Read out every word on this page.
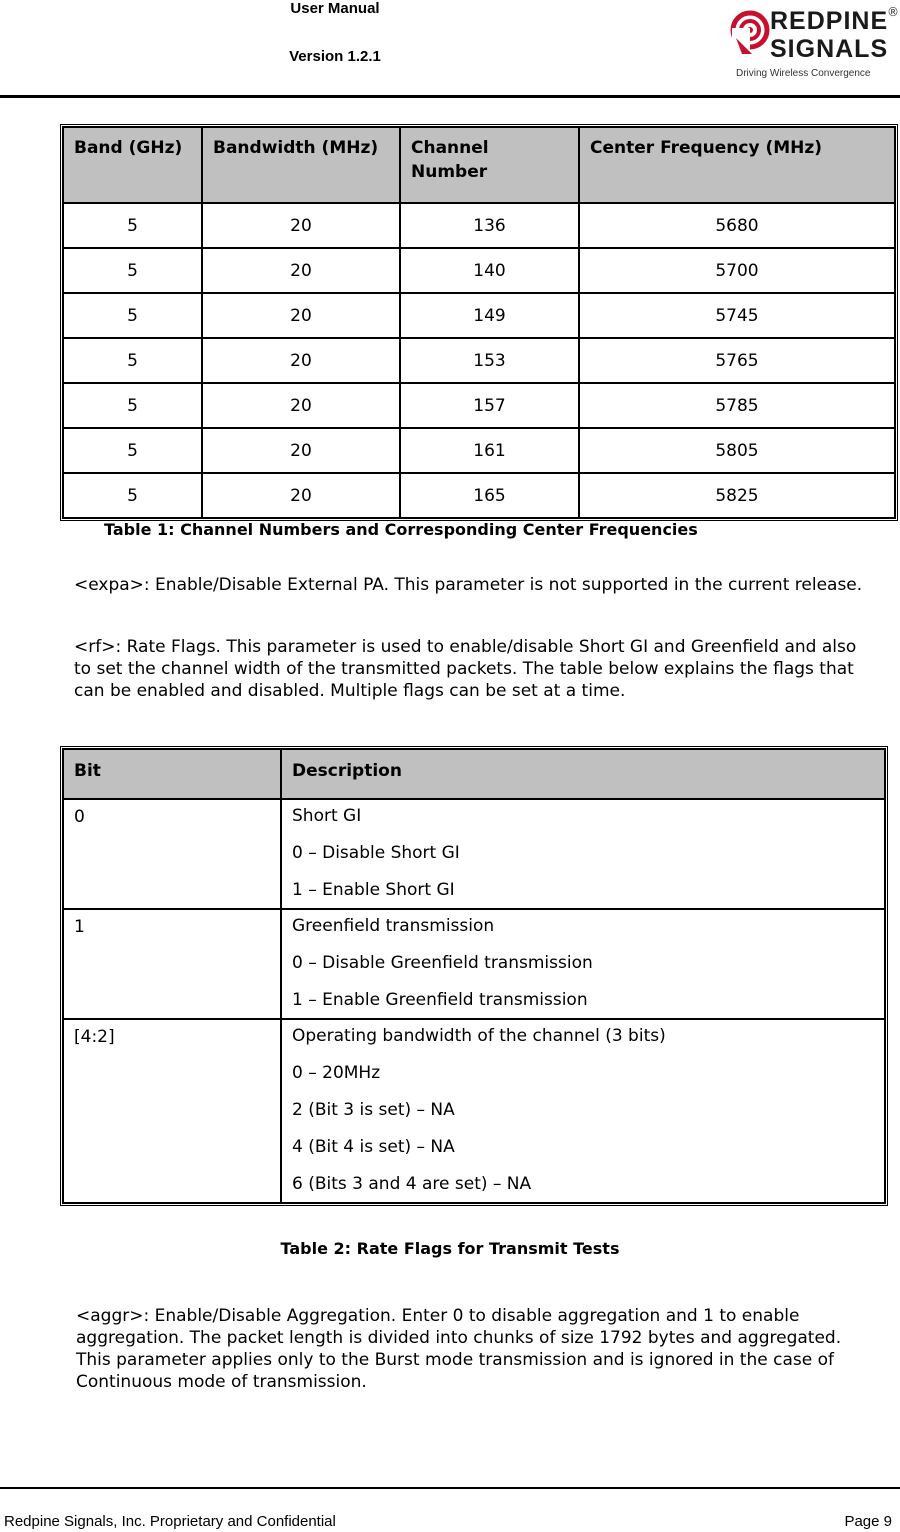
User Manual
Version 1.2.1
REDPINE
SIGNALS
®
Driving Wireless Convergence
Band (GHz)	Bandwidth (MHz)	Channel Number	Center Frequency (MHz)
5	20	136	5680
5	20	140	5700
5	20	149	5745
5	20	153	5765
5	20	157	5785
5	20	161	5805
5	20	165	5825
Table 1: Channel Numbers and Corresponding Center Frequencies
<expa>: Enable/Disable External PA. This parameter is not supported in the current release.
<rf>: Rate Flags. This parameter is used to enable/disable Short GI and Greenfield and also to set the channel width of the transmitted packets. The table below explains the flags that can be enabled and disabled. Multiple flags can be set at a time.
Bit	Description
0	Short GI
0 – Disable Short GI
1 – Enable Short GI

1	Greenfield transmission
0 – Disable Greenfield transmission
1 – Enable Greenfield transmission

[4:2]	Operating bandwidth of the channel (3 bits)
0 – 20MHz
2 (Bit 3 is set) – NA
4 (Bit 4 is set) – NA
6 (Bits 3 and 4 are set) – NA
Table 2: Rate Flags for Transmit Tests
<aggr>: Enable/Disable Aggregation. Enter 0 to disable aggregation and 1 to enable aggregation. The packet length is divided into chunks of size 1792 bytes and aggregated. This parameter applies only to the Burst mode transmission and is ignored in the case of Continuous mode of transmission.
Redpine Signals, Inc. Proprietary and Confidential	Page 9
